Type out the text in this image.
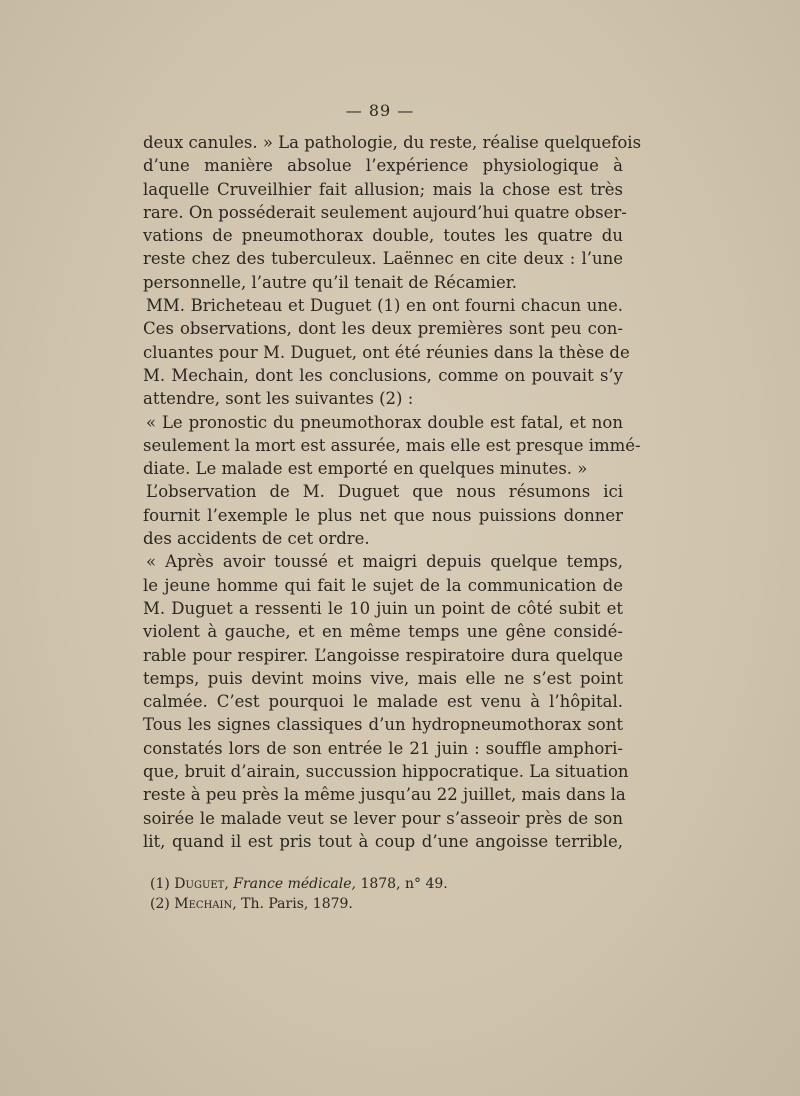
— 89 —
deux canules. » La pathologie, du reste, réalise quelquefois
d’une manière absolue l’expérience physiologique à
laquelle Cruveilhier fait allusion; mais la chose est très
rare. On posséderait seulement aujourd’hui quatre obser-
vations de pneumothorax double, toutes les quatre du
reste chez des tuberculeux. Laënnec en cite deux : l’une
personnelle, l’autre qu’il tenait de Récamier.
MM. Bricheteau et Duguet (1) en ont fourni chacun une.
Ces observations, dont les deux premières sont peu con-
cluantes pour M. Duguet, ont été réunies dans la thèse de
M. Mechain, dont les conclusions, comme on pouvait s’y
attendre, sont les suivantes (2) :
« Le pronostic du pneumothorax double est fatal, et non
seulement la mort est assurée, mais elle est presque immé-
diate. Le malade est emporté en quelques minutes. »
L’observation de M. Duguet que nous résumons ici
fournit l’exemple le plus net que nous puissions donner
des accidents de cet ordre.
« Après avoir toussé et maigri depuis quelque temps,
le jeune homme qui fait le sujet de la communication de
M. Duguet a ressenti le 10 juin un point de côté subit et
violent à gauche, et en même temps une gêne considé-
rable pour respirer. L’angoisse respiratoire dura quelque
temps, puis devint moins vive, mais elle ne s’est point
calmée. C’est pourquoi le malade est venu à l’hôpital.
Tous les signes classiques d’un hydropneumothorax sont
constatés lors de son entrée le 21 juin : souffle amphori-
que, bruit d’airain, succussion hippocratique. La situation
reste à peu près la même jusqu’au 22 juillet, mais dans la
soirée le malade veut se lever pour s’asseoir près de son
lit, quand il est pris tout à coup d’une angoisse terrible,
(1) Duguet, France médicale, 1878, n° 49.
(2) Mechain, Th. Paris, 1879.
